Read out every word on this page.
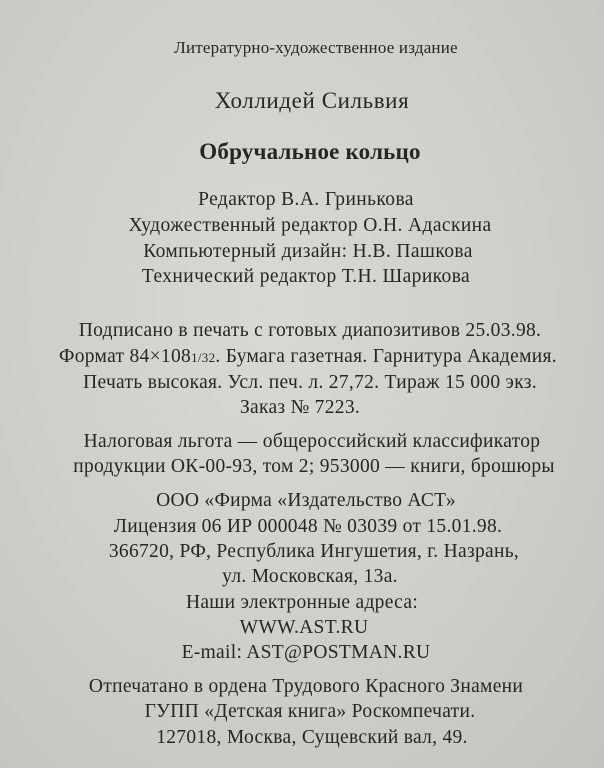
Литературно-художественное издание
Холлидей Сильвия
Обручальное кольцо
Редактор В.А. Гринькова
Художественный редактор О.Н. Адаскина
Компьютерный дизайн: Н.В. Пашкова
Технический редактор Т.Н. Шарикова
Подписано в печать с готовых диапозитивов 25.03.98.
Формат 84×1081/32. Бумага газетная. Гарнитура Академия.
Печать высокая. Усл. печ. л. 27,72. Тираж 15 000 экз.
Заказ № 7223.
Налоговая льгота — общероссийский классификатор
продукции ОК-00-93, том 2; 953000 — книги, брошюры
ООО «Фирма «Издательство АСТ»
Лицензия 06 ИР 000048 № 03039 от 15.01.98.
366720, РФ, Республика Ингушетия, г. Назрань,
ул. Московская, 13а.
Наши электронные адреса:
WWW.AST.RU
E-mail: AST@POSTMAN.RU
Отпечатано в ордена Трудового Красного Знамени
ГУПП «Детская книга» Роскомпечати.
127018, Москва, Сущевский вал, 49.
